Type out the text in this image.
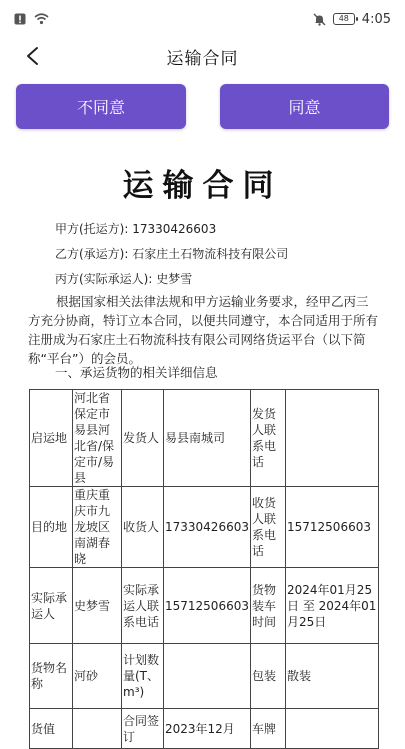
48 4:05
运输合同
不同意	同意
运输合同
甲方(托运方): 17330426603
乙方(承运方): 石家庄土石物流科技有限公司
丙方(实际承运人): 史梦雪
根据国家相关法律法规和甲方运输业务要求，经甲乙丙三方充分协商，特订立本合同，以便共同遵守，本合同适用于所有注册成为石家庄土石物流科技有限公司网络货运平台（以下简称“平台”）的会员。
一、承运货物的相关详细信息
启运地	河北省保定市易县河北省/保定市/易县	发货人	易县南城司	发货人联系电话	
目的地	重庆重庆市九龙坡区南湖春晓	收货人	17330426603	收货人联系电话	15712506603
实际承运人	史梦雪	实际承运人联系电话	15712506603	货物装车时间	2024年01月25日 至 2024年01月25日
货物名称	河砂	计划数量(T、m³)		包装	散装
货值		合同签订	2023年12月	车牌	
